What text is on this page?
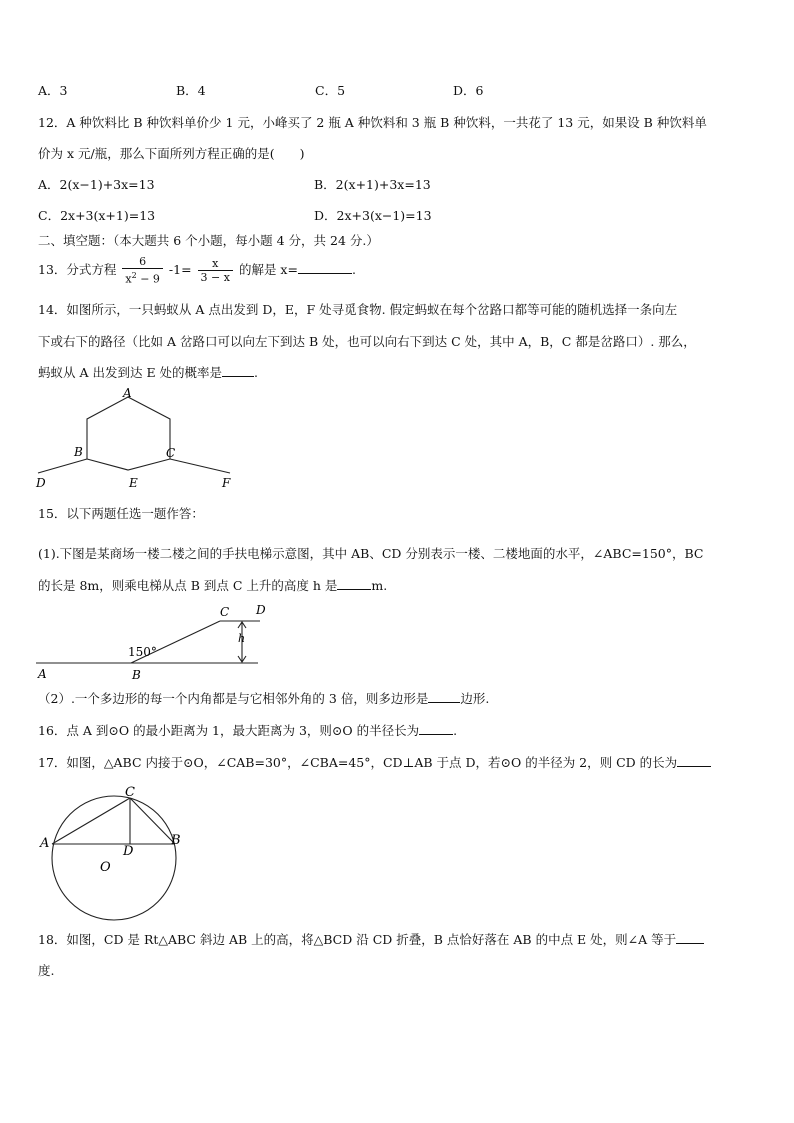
A．3	B．4	C．5	D．6
12．A 种饮料比 B 种饮料单价少 1 元，小峰买了 2 瓶 A 种饮料和 3 瓶 B 种饮料，一共花了 13 元，如果设 B 种饮料单
价为 x 元/瓶，那么下面所列方程正确的是(　　)
A．2(x−1)+3x=13	B．2(x+1)+3x=13
C．2x+3(x+1)=13	D．2x+3(x−1)=13
二、填空题：（本大题共 6 个小题，每小题 4 分，共 24 分.）
13．分式方程 $\frac{6}{x^2 - 9} -1= \frac{x}{3 - x}$ 的解是 x=	.
14．如图所示，一只蚂蚁从 A 点出发到 D，E，F 处寻觅食物. 假定蚂蚁在每个岔路口都等可能的随机选择一条向左
下或右下的路径（比如 A 岔路口可以向左下到达 B 处，也可以向右下到达 C 处，其中 A，B，C 都是岔路口）. 那么，
蚂蚁从 A 出发到达 E 处的概率是	.
A
B	C
D	E	F
15．以下两题任选一题作答：
(1).下图是某商场一楼二楼之间的手扶电梯示意图，其中 AB、CD 分别表示一楼、二楼地面的水平，∠ABC=150°，BC
的长是 8m，则乘电梯从点 B 到点 C 上升的高度 h 是	m.
C D
h
150°
A	B
（2）.一个多边形的每一个内角都是与它相邻外角的 3 倍，则多边形是	边形.
16．点 A 到⊙O 的最小距离为 1，最大距离为 3，则⊙O 的半径长为	.
17．如图，△ABC 内接于⊙O，∠CAB=30°，∠CBA=45°，CD⊥AB 于点 D，若⊙O 的半径为 2，则 CD 的长为
C
A	B
D
O
18．如图，CD 是 Rt△ABC 斜边 AB 上的高，将△BCD 沿 CD 折叠，B 点恰好落在 AB 的中点 E 处，则∠A 等于
度.
